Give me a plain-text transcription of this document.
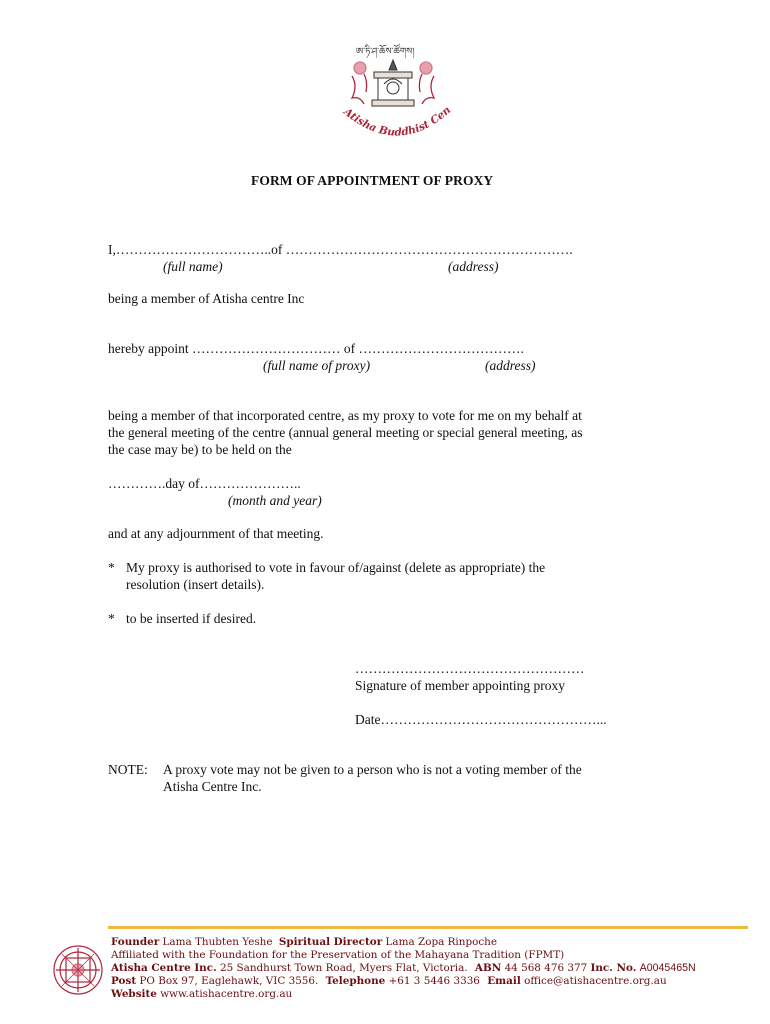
ཨ་ཏི་ཤ་ཆོས་ཚོགས།
Atisha Buddhist Cen
FORM OF APPOINTMENT OF PROXY
I,……………………………..of ……………………………………………………….
(full name)	(address)
being a member of Atisha centre Inc
hereby appoint …………………………… of ……………………………….
(full name of proxy)	(address)
being a member of that incorporated centre, as my proxy to vote for me on my behalf at
the general meeting of the centre (annual general meeting or special general meeting, as
the case may be) to be held on the
………….day of…………………..
(month and year)
and at any adjournment of that meeting.
* My proxy is authorised to vote in favour of/against (delete as appropriate) the
resolution (insert details).
* to be inserted if desired.
……………………………………………
Signature of member appointing proxy
Date…………………………………………...
NOTE: A proxy vote may not be given to a person who is not a voting member of the
Atisha Centre Inc.
Founder Lama Thubten Yeshe Spiritual Director Lama Zopa Rinpoche
Affiliated with the Foundation for the Preservation of the Mahayana Tradition (FPMT)
Atisha Centre Inc. 25 Sandhurst Town Road, Myers Flat, Victoria. ABN 44 568 476 377 Inc. No. A0045465N
Post PO Box 97, Eaglehawk, VIC 3556. Telephone +61 3 5446 3336 Email office@atishacentre.org.au
Website www.atishacentre.org.au
